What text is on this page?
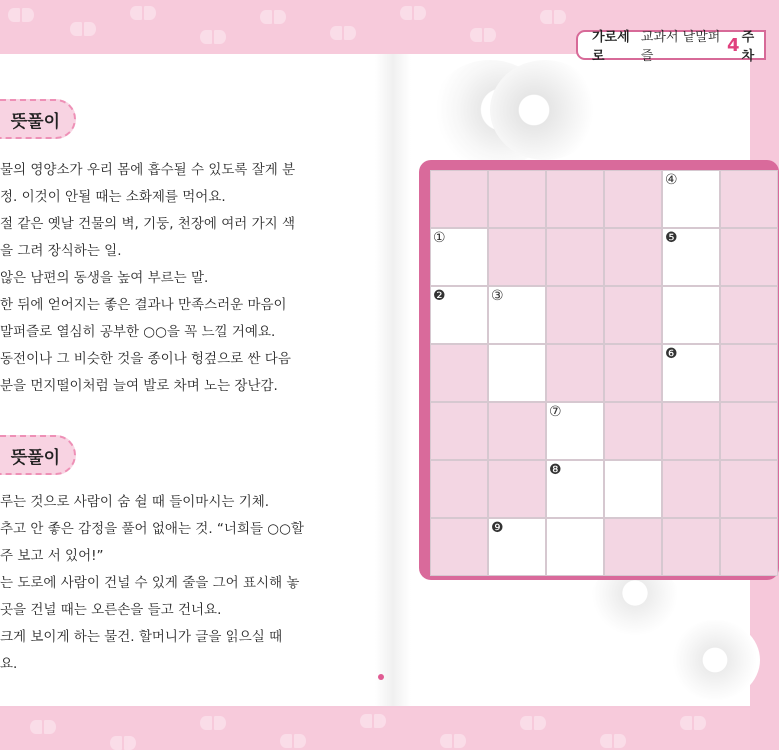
가로세로
교과서 낱말퍼즐
4 주차
뜻풀이
물의 영양소가 우리 몸에 흡수될 수 있도록 잘게 분
정. 이것이 안될 때는 소화제를 먹어요.
절 같은 옛날 건물의 벽, 기둥, 천장에 여러 가지 색
을 그려 장식하는 일.
않은 남편의 동생을 높여 부르는 말.
한 뒤에 얻어지는 좋은 결과나 만족스러운 마음이
말퍼즐로 열심히 공부한 ○○을 꼭 느낄 거예요.
동전이나 그 비슷한 것을 종이나 헝겊으로 싼 다음
분을 먼지떨이처럼 늘여 발로 차며 노는 장난감.
뜻풀이
루는 것으로 사람이 숨 쉴 때 들이마시는 기체.
추고 안 좋은 감정을 풀어 없애는 것. “너희들 ○○할
주 보고 서 있어!”
는 도로에 사람이 건널 수 있게 줄을 그어 표시해 놓
곳을 건널 때는 오른손을 들고 건너요.
크게 보이게 하는 물건. 할머니가 글을 읽으실 때
요.
④
①	❺
❷	③
❻
⑦
❽
❾
